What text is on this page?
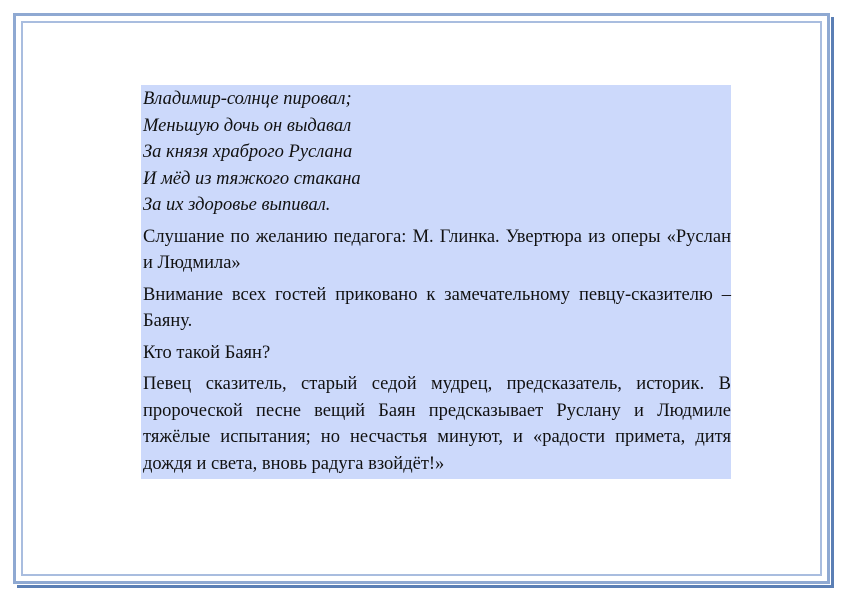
Владимир-солнце пировал;
Меньшую дочь он выдавал
За князя храброго Руслана
И мёд из тяжкого стакана
За их здоровье выпивал.
Слушание по желанию педагога: М. Глинка. Увертюра из оперы «Руслан и Людмила»
Внимание всех гостей приковано к замечательному певцу-сказителю – Баяну.
Кто такой Баян?
Певец сказитель, старый седой мудрец, предсказатель, историк. В пророческой песне вещий Баян предсказывает Руслану и Людмиле тяжёлые испытания; но несчастья минуют, и «радости примета, дитя дождя и света, вновь радуга взойдёт!»
